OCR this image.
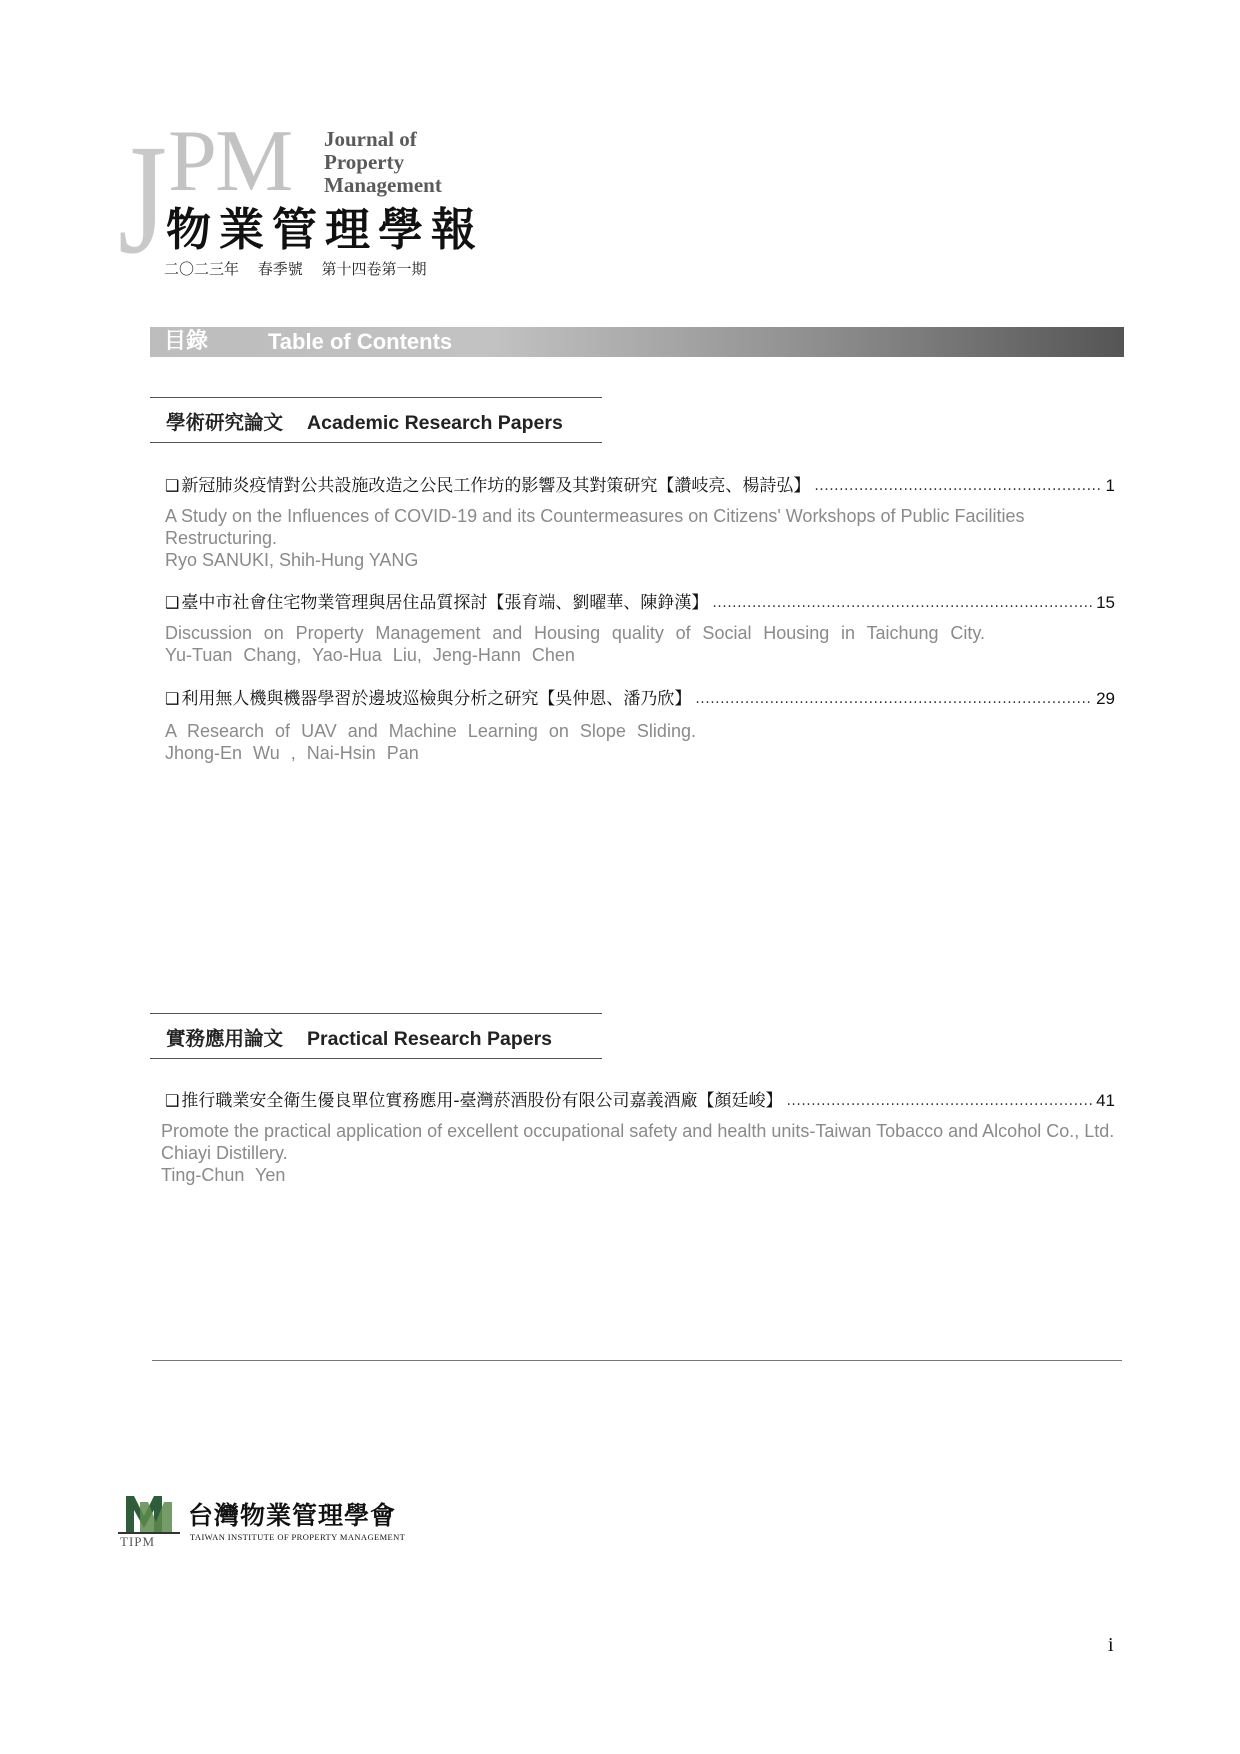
J PM Journal of
Property
Management
物業管理學報
二〇二三年 春季號 第十四卷第一期
目錄	Table of Contents
學術研究論文 Academic Research Papers
❑ 新冠肺炎疫情對公共設施改造之公民工作坊的影響及其對策研究【讚岐亮、楊詩弘】 .....	1
A Study on the Influences of COVID-19 and its Countermeasures on Citizens' Workshops of Public Facilities Restructuring.
Ryo SANUKI, Shih-Hung YANG
❑ 臺中市社會住宅物業管理與居住品質探討【張育端、劉曜華、陳錚漢】 .....	15
Discussion on Property Management and Housing quality of Social Housing in Taichung City.
Yu-Tuan Chang, Yao-Hua Liu, Jeng-Hann Chen
❑ 利用無人機與機器學習於邊坡巡檢與分析之研究【吳仲恩、潘乃欣】 .....	29
A Research of UAV and Machine Learning on Slope Sliding.
Jhong-En Wu , Nai-Hsin Pan
實務應用論文 Practical Research Papers
❑ 推行職業安全衛生優良單位實務應用-臺灣菸酒股份有限公司嘉義酒廠【顏廷峻】 .....	41
Promote the practical application of excellent occupational safety and health units-Taiwan Tobacco and Alcohol Co., Ltd. Chiayi Distillery.
Ting-Chun Yen
TIPM
台灣物業管理學會
TAIWAN INSTITUTE OF PROPERTY MANAGEMENT
i
